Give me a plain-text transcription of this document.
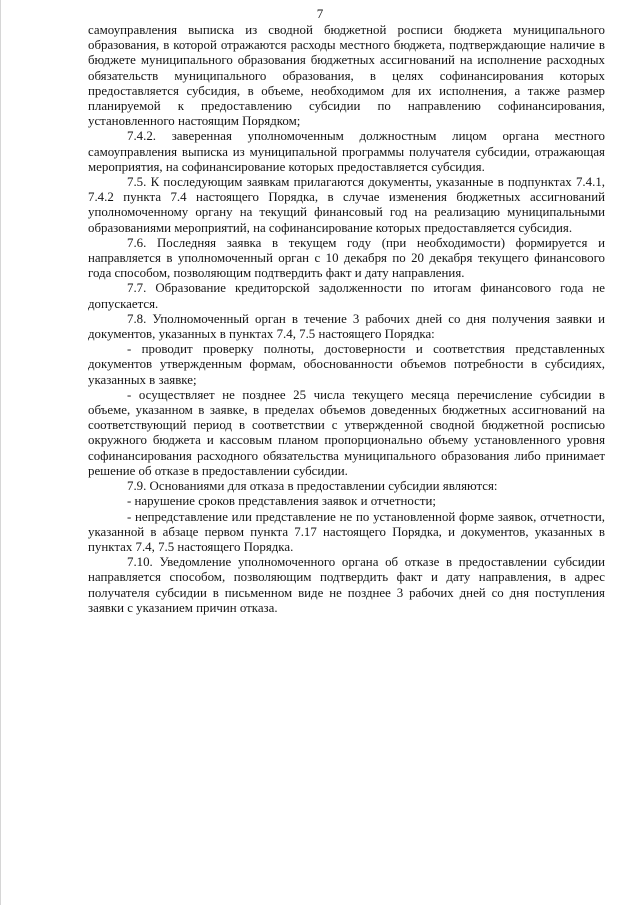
7

самоуправления выписка из сводной бюджетной росписи бюджета муниципального образования, в которой отражаются расходы местного бюджета, подтверждающие наличие в бюджете муниципального образования бюджетных ассигнований на исполнение расходных обязательств муниципального образования, в целях софинансирования которых предоставляется субсидия, в объеме, необходимом для их исполнения, а также размер планируемой к предоставлению субсидии по направлению софинансирования, установленного настоящим Порядком;

7.4.2. заверенная уполномоченным должностным лицом органа местного самоуправления выписка из муниципальной программы получателя субсидии, отражающая мероприятия, на софинансирование которых предоставляется субсидия.

7.5. К последующим заявкам прилагаются документы, указанные в подпунктах 7.4.1, 7.4.2 пункта 7.4 настоящего Порядка, в случае изменения бюджетных ассигнований уполномоченному органу на текущий финансовый год на реализацию муниципальными образованиями мероприятий, на софинансирование которых предоставляется субсидия.

7.6. Последняя заявка в текущем году (при необходимости) формируется и направляется в уполномоченный орган с 10 декабря по 20 декабря текущего финансового года способом, позволяющим подтвердить факт и дату направления.

7.7. Образование кредиторской задолженности по итогам финансового года не допускается.

7.8. Уполномоченный орган в течение 3 рабочих дней со дня получения заявки и документов, указанных в пунктах 7.4, 7.5 настоящего Порядка:

- проводит проверку полноты, достоверности и соответствия представленных документов утвержденным формам, обоснованности объемов потребности в субсидиях, указанных в заявке;

- осуществляет не позднее 25 числа текущего месяца перечисление субсидии в объеме, указанном в заявке, в пределах объемов доведенных бюджетных ассигнований на соответствующий период в соответствии с утвержденной сводной бюджетной росписью окружного бюджета и кассовым планом пропорционально объему установленного уровня софинансирования расходного обязательства муниципального образования либо принимает решение об отказе в предоставлении субсидии.

7.9. Основаниями для отказа в предоставлении субсидии являются:

- нарушение сроков представления заявок и отчетности;

- непредставление или представление не по установленной форме заявок, отчетности, указанной в абзаце первом пункта 7.17 настоящего Порядка, и документов, указанных в пунктах 7.4, 7.5 настоящего Порядка.

7.10. Уведомление уполномоченного органа об отказе в предоставлении субсидии направляется способом, позволяющим подтвердить факт и дату направления, в адрес получателя субсидии в письменном виде не позднее 3 рабочих дней со дня поступления заявки с указанием причин отказа.
